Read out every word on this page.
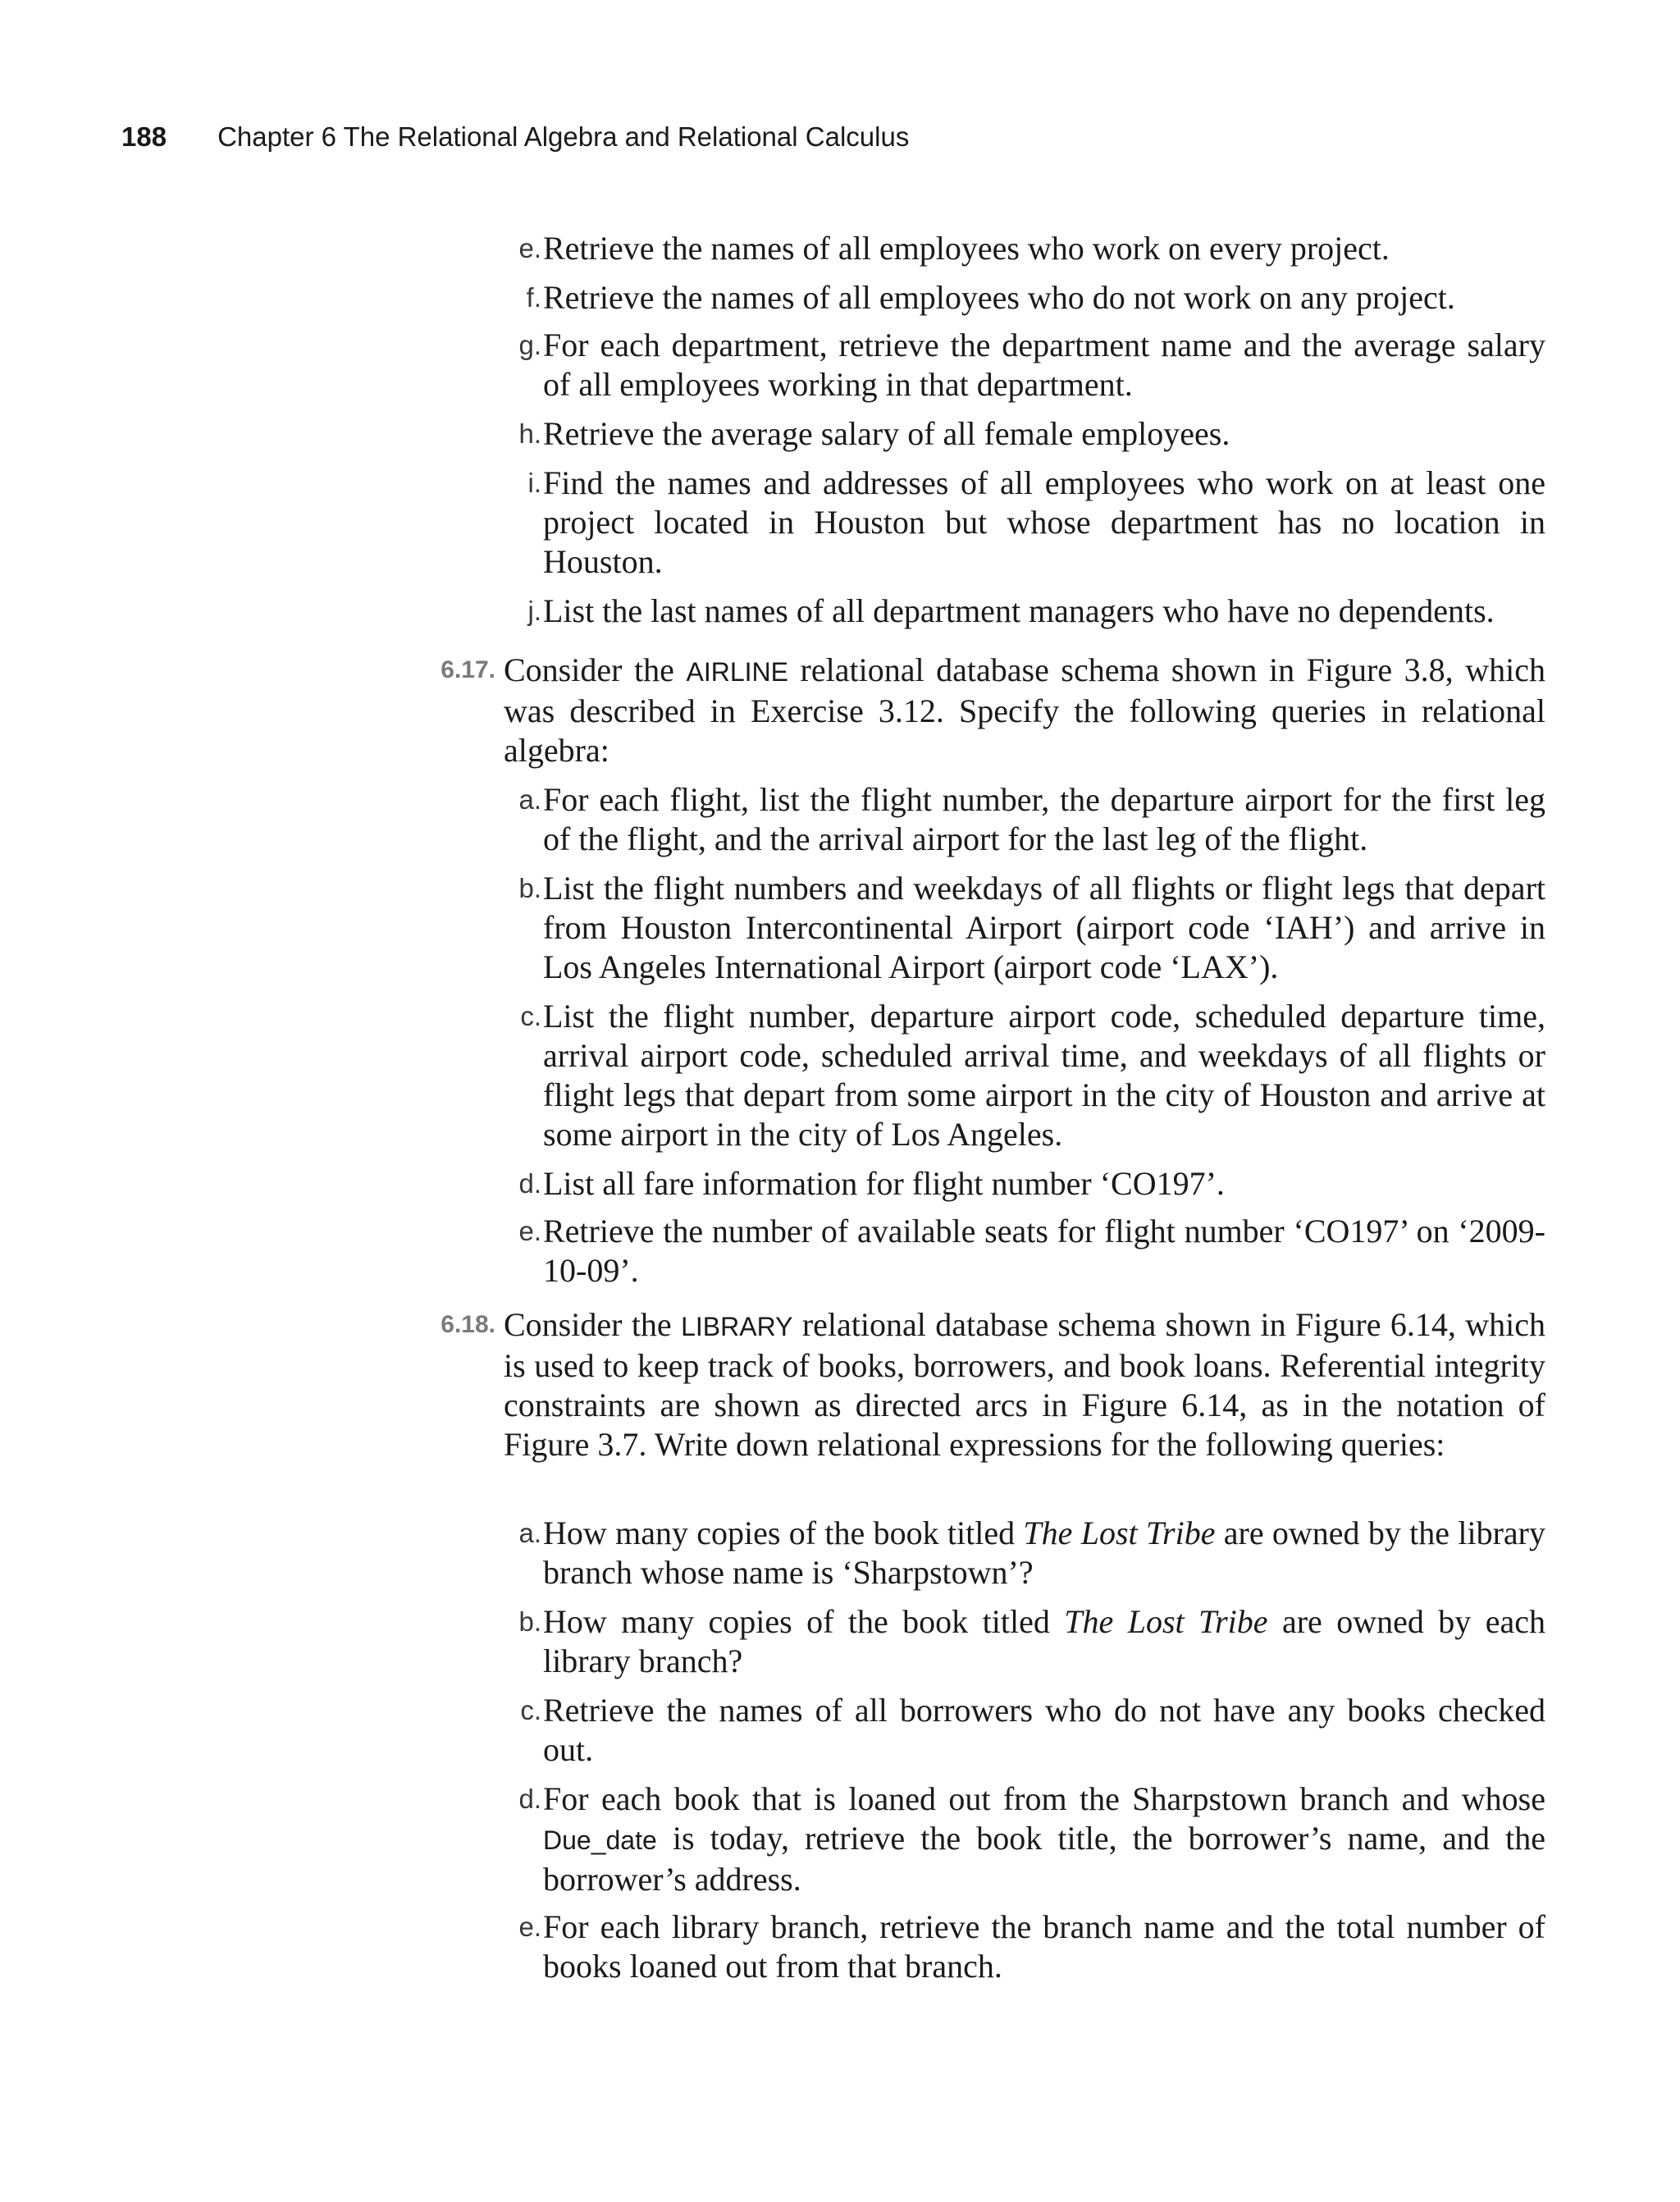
188 Chapter 6 The Relational Algebra and Relational Calculus
e. Retrieve the names of all employees who work on every project.
f. Retrieve the names of all employees who do not work on any project.
g. For each department, retrieve the department name and the average salary of all employees working in that department.
h. Retrieve the average salary of all female employees.
i. Find the names and addresses of all employees who work on at least one project located in Houston but whose department has no location in Houston.
j. List the last names of all department managers who have no dependents.
6.17. Consider the AIRLINE relational database schema shown in Figure 3.8, which was described in Exercise 3.12. Specify the following queries in relational algebra:
a. For each flight, list the flight number, the departure airport for the first leg of the flight, and the arrival airport for the last leg of the flight.
b. List the flight numbers and weekdays of all flights or flight legs that depart from Houston Intercontinental Airport (airport code ‘IAH’) and arrive in Los Angeles International Airport (airport code ‘LAX’).
c. List the flight number, departure airport code, scheduled departure time, arrival airport code, scheduled arrival time, and weekdays of all flights or flight legs that depart from some airport in the city of Houston and arrive at some airport in the city of Los Angeles.
d. List all fare information for flight number ‘CO197’.
e. Retrieve the number of available seats for flight number ‘CO197’ on ‘2009-10-09’.
6.18. Consider the LIBRARY relational database schema shown in Figure 6.14, which is used to keep track of books, borrowers, and book loans. Referential integrity constraints are shown as directed arcs in Figure 6.14, as in the notation of Figure 3.7. Write down relational expressions for the following queries:
a. How many copies of the book titled The Lost Tribe are owned by the library branch whose name is ‘Sharpstown’?
b. How many copies of the book titled The Lost Tribe are owned by each library branch?
c. Retrieve the names of all borrowers who do not have any books checked out.
d. For each book that is loaned out from the Sharpstown branch and whose Due_date is today, retrieve the book title, the borrower’s name, and the borrower’s address.
e. For each library branch, retrieve the branch name and the total number of books loaned out from that branch.
